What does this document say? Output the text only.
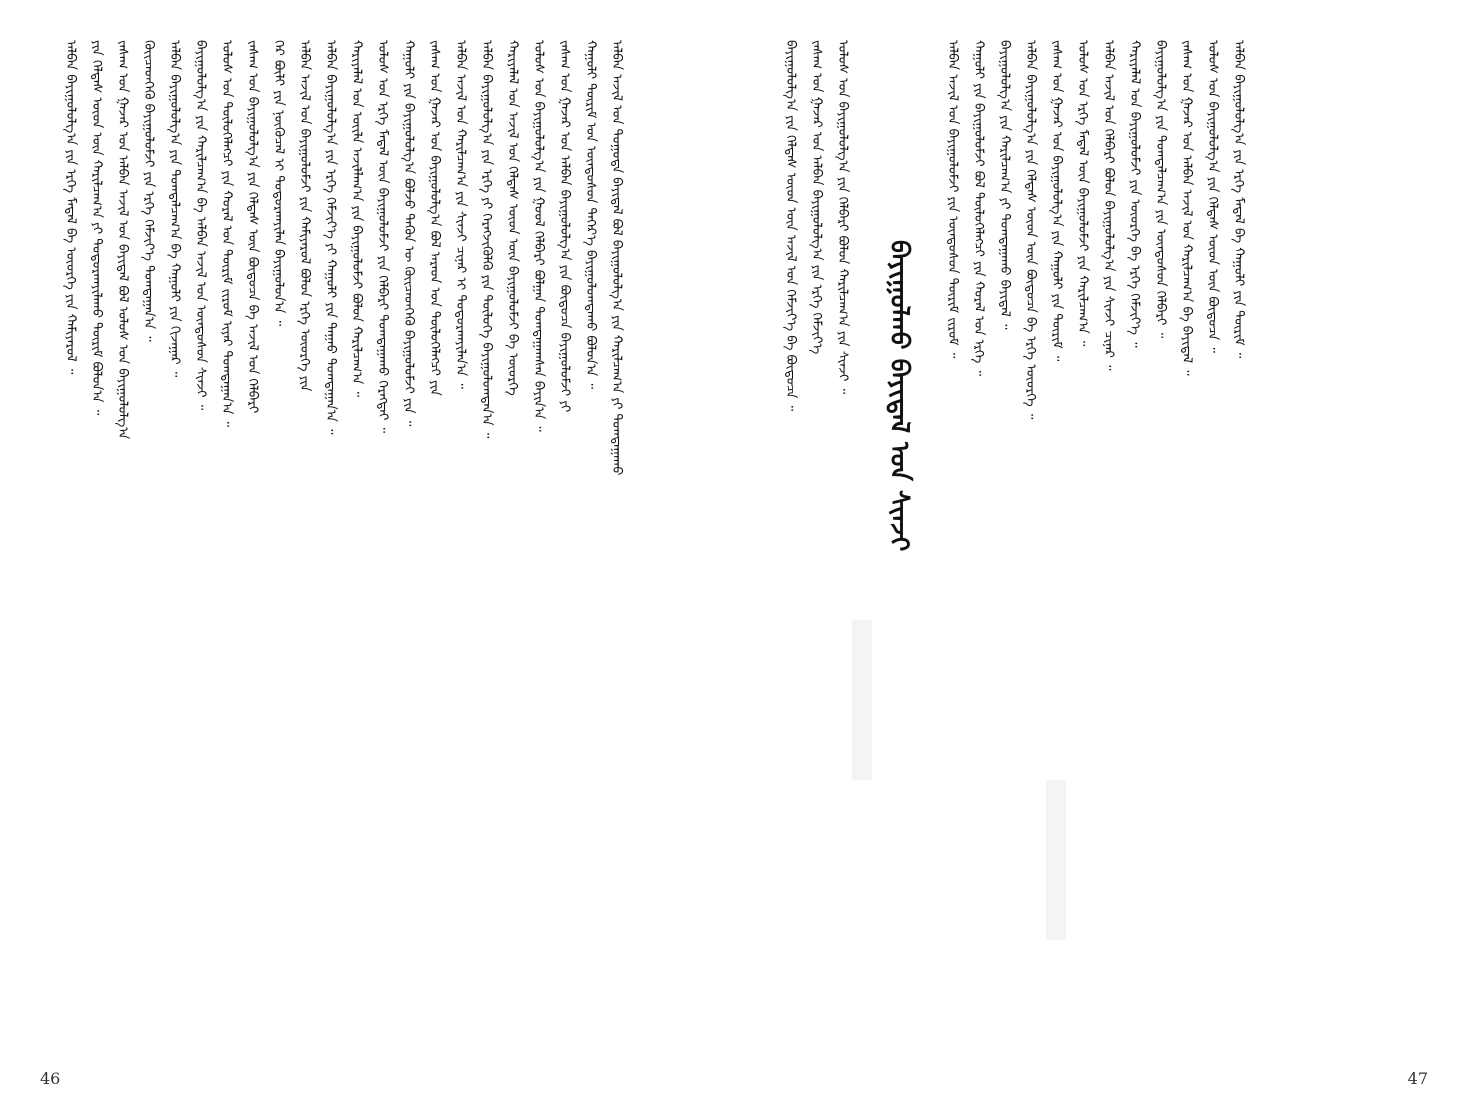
ᠠᠯᠪᠠᠨ ᠪᠠᠶᠢᠭᠤᠯᠤᠯᠭ᠎ᠠ ᠶᠢᠨ ᠡᠷᠬᠡ ᠮᠡᠳᠡᠯ ᠪᠠ ᠦᠦᠷᠭᠡ ᠶᠢᠨ ᠬᠠᠮᠢᠶᠠᠷᠤᠯ ᠃ ᠶᠢᠨ ᠬᠡᠯᠲᠡᠰ ᠦᠳ ᠦᠨ ᠬᠠᠷᠢᠯᠴᠠᠭ᠎ᠠ ᠶᠢ ᠲᠣᠳᠣᠷᠬᠠᠶᠢᠯᠠᠬᠤ ᠳᠦᠷᠢᠮ ᠪᠣᠯᠤᠨ᠎ᠠ ᠃ ᠵᠠᠰᠠᠭ ᠤᠨ ᠭᠠᠵᠠᠷ ᠤᠨ ᠠᠯᠪᠠᠨ ᠠᠵᠢᠯ ᠤᠨ ᠪᠠᠶᠢᠳᠠᠯ ᠪᠣᠯ ᠤᠯᠤᠰ ᠤᠨ ᠪᠠᠶᠢᠭᠤᠯᠤᠯᠭ᠎ᠠ ᠭᠦᠢᠴᠡᠳᠬᠡᠬᠦ ᠪᠠᠶᠢᠭᠤᠯᠤᠮᠵᠢ ᠶᠢᠨ ᠡᠷᠬᠡ ᠬᠡᠮᠵᠢᠶ᠎ᠡ ᠲᠣᠭᠲᠠᠭᠠᠨ᠎ᠠ ᠃ ᠠᠯᠪᠠᠨ ᠪᠠᠶᠢᠭᠤᠯᠤᠯᠭ᠎ᠠ ᠶᠢᠨ ᠲᠣᠭᠲᠠᠯᠴᠠᠭ᠎ᠠ ᠪᠠ ᠬᠠᠭᠤᠯᠢ ᠶᠢᠨ ᠬᠢᠵᠠᠭᠠᠷ ᠃ ᠪᠠᠶᠢᠭᠤᠯᠤᠯᠭ᠎ᠠ ᠶᠢᠨ ᠬᠠᠷᠢᠯᠴᠠᠭ᠎ᠠ ᠪᠠ ᠠᠯᠪᠠᠨ ᠠᠵᠢᠯ ᠤᠨ ᠦᠨᠳᠦᠰᠦᠨ ᠰᠢᠨᠵᠢ ᠃ ᠤᠯᠤᠰ ᠤᠨ ᠲᠥᠯᠦᠭᠡᠯᠡᠭᠴᠢ ᠶᠢᠨ ᠬᠤᠷᠠᠯ ᠤᠨ ᠳᠦᠷᠢᠮ ᠵᠢᠷᠤᠮ ᠢᠶᠠᠷ ᠲᠣᠭᠲᠠᠭᠠᠨ᠎ᠠ ᠃ ᠵᠠᠰᠠᠭ ᠤᠨ ᠪᠠᠶᠢᠭᠤᠯᠤᠯᠭ᠎ᠠ ᠶᠢᠨ ᠬᠡᠯᠲᠡᠰ ᠦᠨ ᠪᠦᠲᠦᠴᠡ ᠪᠠ ᠠᠵᠢᠯ ᠤᠨ ᠬᠡᠯᠪᠡᠷᠢ ᠭᠡᠷ ᠪᠦᠯᠢ ᠶᠢᠨ ᠨᠦᠭᠦᠴᠡᠯ ᠢ ᠲᠣᠳᠣᠷᠬᠠᠶᠢᠯᠠᠨ ᠪᠠᠶᠢᠭᠤᠯᠤᠨ᠎ᠠ ᠃ ᠠᠯᠪᠠᠨ ᠠᠵᠢᠯ ᠤᠨ ᠪᠠᠶᠢᠭᠤᠯᠤᠮᠵᠢ ᠶᠢᠨ ᠬᠠᠮᠢᠶᠠᠷᠤᠯ ᠪᠣᠯᠤᠨ ᠡᠷᠬᠡ ᠦᠦᠷᠭᠡ ᠶᠢᠨ ᠠᠯᠪᠠᠨ ᠪᠠᠶᠢᠭᠤᠯᠤᠯᠭ᠎ᠠ ᠶᠢᠨ ᠡᠷᠬᠡ ᠬᠡᠮᠵᠢᠶ᠎ᠡ ᠶᠢ ᠬᠠᠭᠤᠯᠢ ᠶᠢᠨ ᠳᠠᠭᠠᠤ ᠲᠣᠭᠲᠠᠭᠠᠨ᠎ᠠ ᠃ ᠬᠠᠷᠢᠶᠠᠯᠠᠯ ᠤᠨ ᠦᠢᠯᠡ ᠠᠵᠢᠯᠯᠠᠭ᠎ᠠ ᠶᠢᠨ ᠪᠠᠶᠢᠭᠤᠯᠤᠮᠵᠢ ᠪᠣᠯᠤᠨ ᠬᠠᠷᠢᠯᠴᠠᠭ᠎ᠠ ᠃ ᠤᠯᠤᠰ ᠤᠨ ᠡᠷᠬᠡ ᠮᠡᠳᠡᠯ ᠦᠨ ᠪᠠᠶᠢᠭᠤᠯᠤᠮᠵᠢ ᠶᠢᠨ ᠬᠡᠯᠪᠡᠷᠢ ᠲᠣᠭᠲᠠᠭᠠᠬᠤ ᠬᠡᠷᠡᠭᠲᠡᠢ ᠃ ᠬᠠᠭᠤᠯᠢ ᠶᠢᠨ ᠪᠠᠶᠢᠭᠤᠯᠤᠯᠭ᠎ᠠ ᠪᠣᠯᠵᠤ ᠲᠡᠭᠦᠨ ᠦ ᠭᠦᠢᠴᠡᠳᠬᠡᠬᠦ ᠪᠠᠶᠢᠭᠤᠯᠤᠮᠵᠢ ᠶᠢᠨ ᠃ ᠵᠠᠰᠠᠭ ᠤᠨ ᠭᠠᠵᠠᠷ ᠤᠨ ᠪᠠᠶᠢᠭᠤᠯᠤᠯᠭ᠎ᠠ ᠪᠣᠯ ᠠᠷᠠᠳ ᠤᠨ ᠲᠥᠯᠦᠭᠡᠯᠡᠭᠴᠢ ᠶᠢᠨ ᠠᠯᠪᠠᠨ ᠠᠵᠢᠯ ᠤᠨ ᠬᠠᠷᠢᠯᠴᠠᠭ᠎ᠠ ᠶᠢᠨ ᠰᠢᠨᠵᠢ ᠴᠢᠨᠠᠷ ᠢ ᠲᠣᠳᠣᠷᠬᠠᠶᠢᠯᠠᠨ᠎ᠠ ᠃ ᠠᠯᠪᠠᠨ ᠪᠠᠶᠢᠭᠤᠯᠤᠯᠭ᠎ᠠ ᠶᠢᠨ ᠡᠷᠬᠡ ᠶᠢ ᠬᠡᠷᠡᠭᠵᠢᠭᠦᠯᠬᠦ ᠶᠢᠨ ᠲᠥᠯᠦᠭᠡ ᠪᠠᠶᠢᠭᠤᠯᠤᠭᠳᠠᠨ᠎ᠠ ᠃ ᠬᠠᠷᠢᠶᠠᠯᠠᠯ ᠤᠨ ᠠᠵᠢᠯ ᠤᠨ ᠬᠡᠯᠲᠡᠰ ᠦᠳ ᠦᠨ ᠪᠠᠶᠢᠭᠤᠯᠤᠮᠵᠢ ᠪᠠ ᠦᠦᠷᠭᠡ ᠤᠯᠤᠰ ᠤᠨ ᠪᠠᠶᠢᠭᠤᠯᠤᠯᠭ᠎ᠠ ᠶᠢᠨ ᠭᠣᠣᠯ ᠬᠡᠯᠪᠡᠷᠢ ᠪᠣᠯᠭᠠᠨ ᠲᠣᠭᠲᠠᠭᠠᠭᠰᠠᠨ ᠪᠠᠶᠢᠨ᠎ᠠ ᠃ ᠵᠠᠰᠠᠭ ᠤᠨ ᠭᠠᠵᠠᠷ ᠤᠨ ᠠᠯᠪᠠᠨ ᠪᠠᠶᠢᠭᠤᠯᠤᠯᠭ᠎ᠠ ᠶᠢᠨ ᠪᠦᠲᠦᠴᠡ ᠪᠠᠶᠢᠭᠤᠯᠤᠮᠵᠢ ᠶᠢ ᠬᠠᠭᠤᠯᠢ ᠳᠦᠷᠢᠮ ᠤᠨ ᠦᠨᠳᠦᠰᠦᠨ ᠳᠡᠭᠡᠷ᠎ᠡ ᠪᠠᠶᠢᠭᠤᠯᠤᠭᠳᠠᠬᠤ ᠪᠣᠯᠤᠨ᠎ᠠ ᠃ ᠠᠯᠪᠠᠨ ᠠᠵᠢᠯ ᠤᠨ ᠲᠣᠭᠣᠲᠠ ᠪᠠᠶᠢᠳᠠᠯ ᠪᠣᠯ ᠪᠠᠶᠢᠭᠤᠯᠤᠯᠭ᠎ᠠ ᠶᠢᠨ ᠬᠠᠷᠢᠯᠴᠠᠭ᠎ᠠ ᠶᠢ ᠲᠣᠭᠲᠠᠭᠠᠬᠤ
46
ᠪᠠᠶᠢᠭᠤᠯᠤᠯᠭ᠎ᠠ ᠶᠢᠨ ᠬᠡᠯᠲᠡᠰ ᠦᠳ ᠦᠨ ᠠᠵᠢᠯ ᠤᠨ ᠬᠡᠮᠵᠢᠶ᠎ᠡ ᠪᠠ ᠪᠦᠲᠦᠴᠡ ᠃ ᠵᠠᠰᠠᠭ ᠤᠨ ᠭᠠᠵᠠᠷ ᠤᠨ ᠠᠯᠪᠠᠨ ᠪᠠᠶᠢᠭᠤᠯᠤᠯᠭ᠎ᠠ ᠶᠢᠨ ᠡᠷᠬᠡ ᠬᠡᠮᠵᠢᠶ᠎ᠡ ᠤᠯᠤᠰ ᠤᠨ ᠪᠠᠶᠢᠭᠤᠯᠤᠯᠭ᠎ᠠ ᠶᠢᠨ ᠬᠡᠯᠪᠡᠷᠢ ᠪᠣᠯᠤᠨ ᠬᠠᠷᠢᠯᠴᠠᠭ᠎ᠠ ᠶᠢᠨ ᠰᠢᠨᠵᠢ ᠃
ᠪᠠᠶᠢᠭᠤᠯᠬᠤ ᠪᠠᠶᠢᠳᠠᠯ ᠤᠨ ᠰᠢᠨᠵᠢ
ᠠᠯᠪᠠᠨ ᠠᠵᠢᠯ ᠤᠨ ᠪᠠᠶᠢᠭᠤᠯᠤᠮᠵᠢ ᠶᠢᠨ ᠦᠨᠳᠦᠰᠦᠨ ᠳᠦᠷᠢᠮ ᠵᠢᠷᠤᠮ ᠃ ᠬᠠᠭᠤᠯᠢ ᠶᠢᠨ ᠪᠠᠶᠢᠭᠤᠯᠤᠮᠵᠢ ᠪᠣᠯ ᠲᠥᠯᠦᠭᠡᠯᠡᠭᠴᠢ ᠶᠢᠨ ᠬᠤᠷᠠᠯ ᠤᠨ ᠡᠷᠬᠡ ᠃ ᠪᠠᠶᠢᠭᠤᠯᠤᠯᠭ᠎ᠠ ᠶᠢᠨ ᠬᠠᠷᠢᠯᠴᠠᠭ᠎ᠠ ᠶᠢ ᠲᠣᠭᠲᠠᠭᠠᠬᠤ ᠪᠠᠶᠢᠳᠠᠯ ᠃ ᠠᠯᠪᠠᠨ ᠪᠠᠶᠢᠭᠤᠯᠤᠯᠭ᠎ᠠ ᠶᠢᠨ ᠬᠡᠯᠲᠡᠰ ᠦᠳ ᠦᠨ ᠪᠦᠲᠦᠴᠡ ᠪᠠ ᠡᠷᠬᠡ ᠦᠦᠷᠭᠡ ᠃ ᠵᠠᠰᠠᠭ ᠤᠨ ᠭᠠᠵᠠᠷ ᠤᠨ ᠪᠠᠶᠢᠭᠤᠯᠤᠯᠭ᠎ᠠ ᠶᠢᠨ ᠬᠠᠭᠤᠯᠢ ᠶᠢᠨ ᠳᠦᠷᠢᠮ ᠃ ᠤᠯᠤᠰ ᠤᠨ ᠡᠷᠬᠡ ᠮᠡᠳᠡᠯ ᠦᠨ ᠪᠠᠶᠢᠭᠤᠯᠤᠮᠵᠢ ᠶᠢᠨ ᠬᠠᠷᠢᠯᠴᠠᠭ᠎ᠠ ᠃ ᠠᠯᠪᠠᠨ ᠠᠵᠢᠯ ᠤᠨ ᠬᠡᠯᠪᠡᠷᠢ ᠪᠣᠯᠤᠨ ᠪᠠᠶᠢᠭᠤᠯᠤᠯᠭ᠎ᠠ ᠶᠢᠨ ᠰᠢᠨᠵᠢ ᠴᠢᠨᠠᠷ ᠃ ᠬᠠᠷᠢᠶᠠᠯᠠᠯ ᠤᠨ ᠪᠠᠶᠢᠭᠤᠯᠤᠮᠵᠢ ᠶᠢᠨ ᠦᠦᠷᠭᠡ ᠪᠠ ᠡᠷᠬᠡ ᠬᠡᠮᠵᠢᠶ᠎ᠡ ᠃ ᠪᠠᠶᠢᠭᠤᠯᠤᠯᠭ᠎ᠠ ᠶᠢᠨ ᠲᠣᠭᠲᠠᠯᠴᠠᠭ᠎ᠠ ᠶᠢᠨ ᠦᠨᠳᠦᠰᠦᠨ ᠬᠡᠯᠪᠡᠷᠢ ᠃ ᠵᠠᠰᠠᠭ ᠤᠨ ᠭᠠᠵᠠᠷ ᠤᠨ ᠠᠯᠪᠠᠨ ᠠᠵᠢᠯ ᠤᠨ ᠬᠠᠷᠢᠯᠴᠠᠭ᠎ᠠ ᠪᠠ ᠪᠠᠶᠢᠳᠠᠯ ᠃ ᠤᠯᠤᠰ ᠤᠨ ᠪᠠᠶᠢᠭᠤᠯᠤᠯᠭ᠎ᠠ ᠶᠢᠨ ᠬᠡᠯᠲᠡᠰ ᠦᠳ ᠦᠨ ᠪᠦᠲᠦᠴᠡ ᠃ ᠠᠯᠪᠠᠨ ᠪᠠᠶᠢᠭᠤᠯᠤᠯᠭ᠎ᠠ ᠶᠢᠨ ᠡᠷᠬᠡ ᠮᠡᠳᠡᠯ ᠪᠠ ᠬᠠᠭᠤᠯᠢ ᠶᠢᠨ ᠳᠦᠷᠢᠮ ᠃
47
